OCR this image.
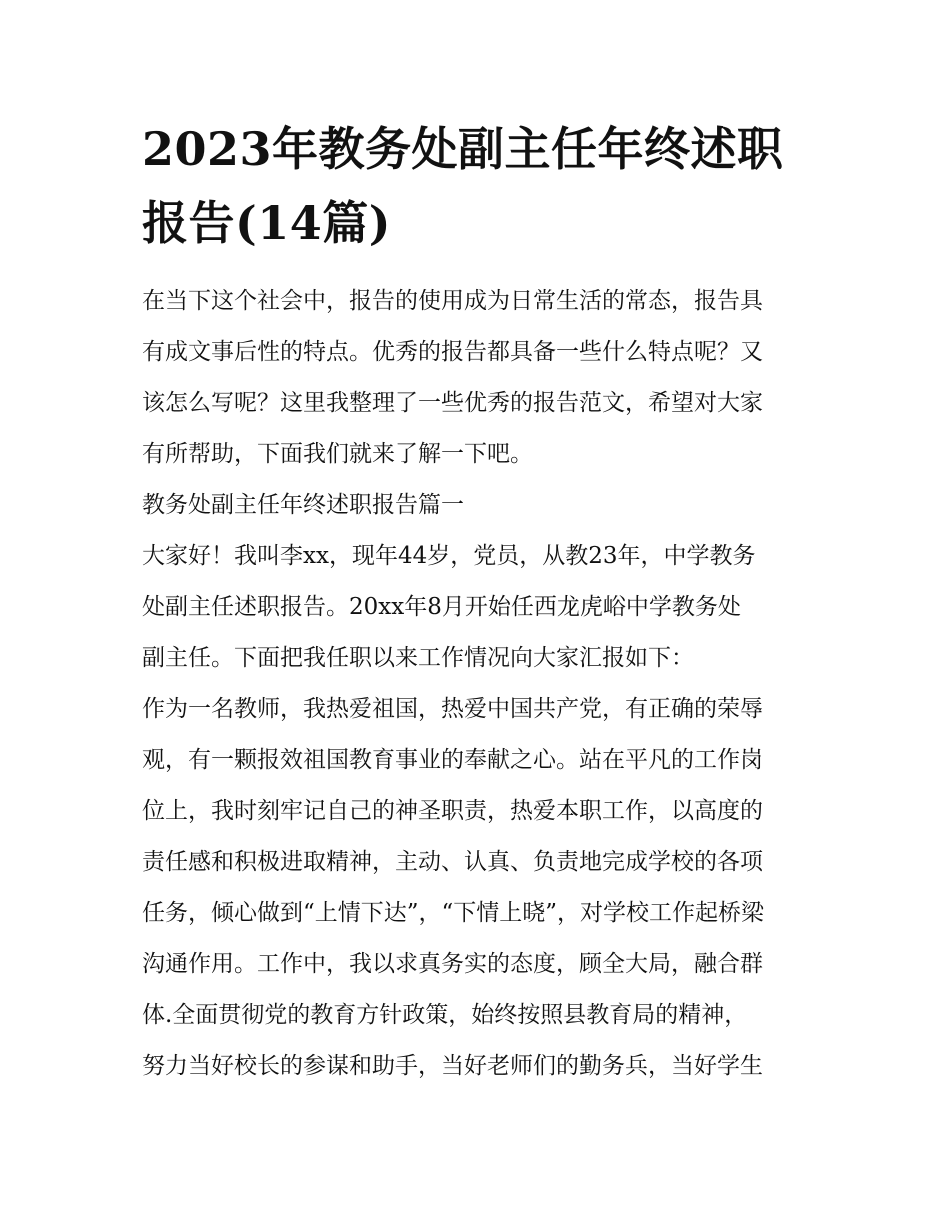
2023年教务处副主任年终述职
报告(14篇)
在当下这个社会中，报告的使用成为日常生活的常态，报告具
有成文事后性的特点。优秀的报告都具备一些什么特点呢？又
该怎么写呢？这里我整理了一些优秀的报告范文，希望对大家
有所帮助，下面我们就来了解一下吧。
教务处副主任年终述职报告篇一
大家好！我叫李xx，现年44岁，党员，从教23年，中学教务
处副主任述职报告。20xx年8月开始任西龙虎峪中学教务处
副主任。下面把我任职以来工作情况向大家汇报如下：
作为一名教师，我热爱祖国，热爱中国共产党，有正确的荣辱
观，有一颗报效祖国教育事业的奉献之心。站在平凡的工作岗
位上，我时刻牢记自己的神圣职责，热爱本职工作，以高度的
责任感和积极进取精神，主动、认真、负责地完成学校的各项
任务，倾心做到“上情下达”，“下情上晓”，对学校工作起桥梁
沟通作用。工作中，我以求真务实的态度，顾全大局，融合群
体.全面贯彻党的教育方针政策，始终按照县教育局的精神，
努力当好校长的参谋和助手，当好老师们的勤务兵，当好学生
